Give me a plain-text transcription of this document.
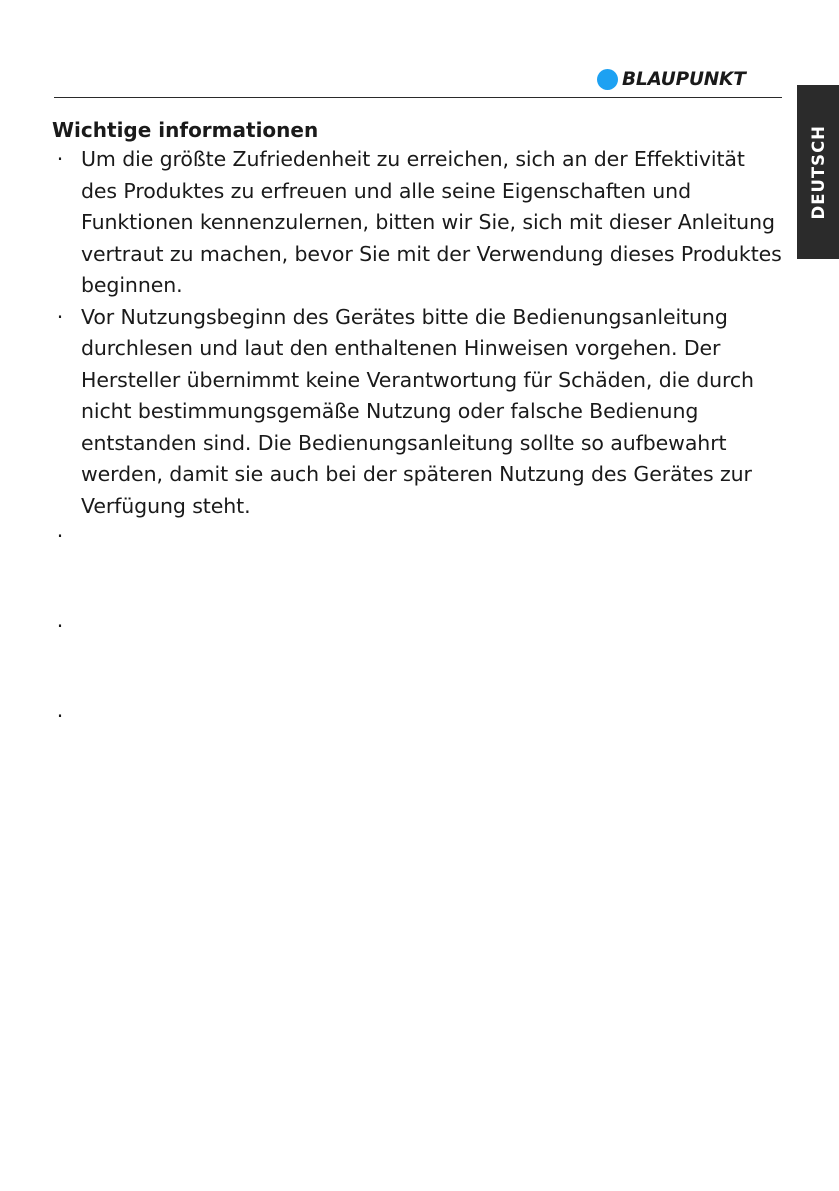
BLAUPUNKT
DEUTSCH
Wichtige informationen
· Um die größte Zufriedenheit zu erreichen, sich an der Effektivität des Produktes zu erfreuen und alle seine Eigenschaften und Funktionen kennenzulernen, bitten wir Sie, sich mit dieser Anleitung vertraut zu machen, bevor Sie mit der Verwendung dieses Produktes beginnen.
· Vor Nutzungsbeginn des Gerätes bitte die Bedienungsanleitung durchlesen und laut den enthaltenen Hinweisen vorgehen. Der Hersteller übernimmt keine Verantwortung für Schäden, die durch nicht bestimmungsgemäße Nutzung oder falsche Bedienung entstanden sind. Die Bedienungsanleitung sollte so aufbewahrt werden, damit sie auch bei der späteren Nutzung des Gerätes zur Verfügung steht.
·
·
·
